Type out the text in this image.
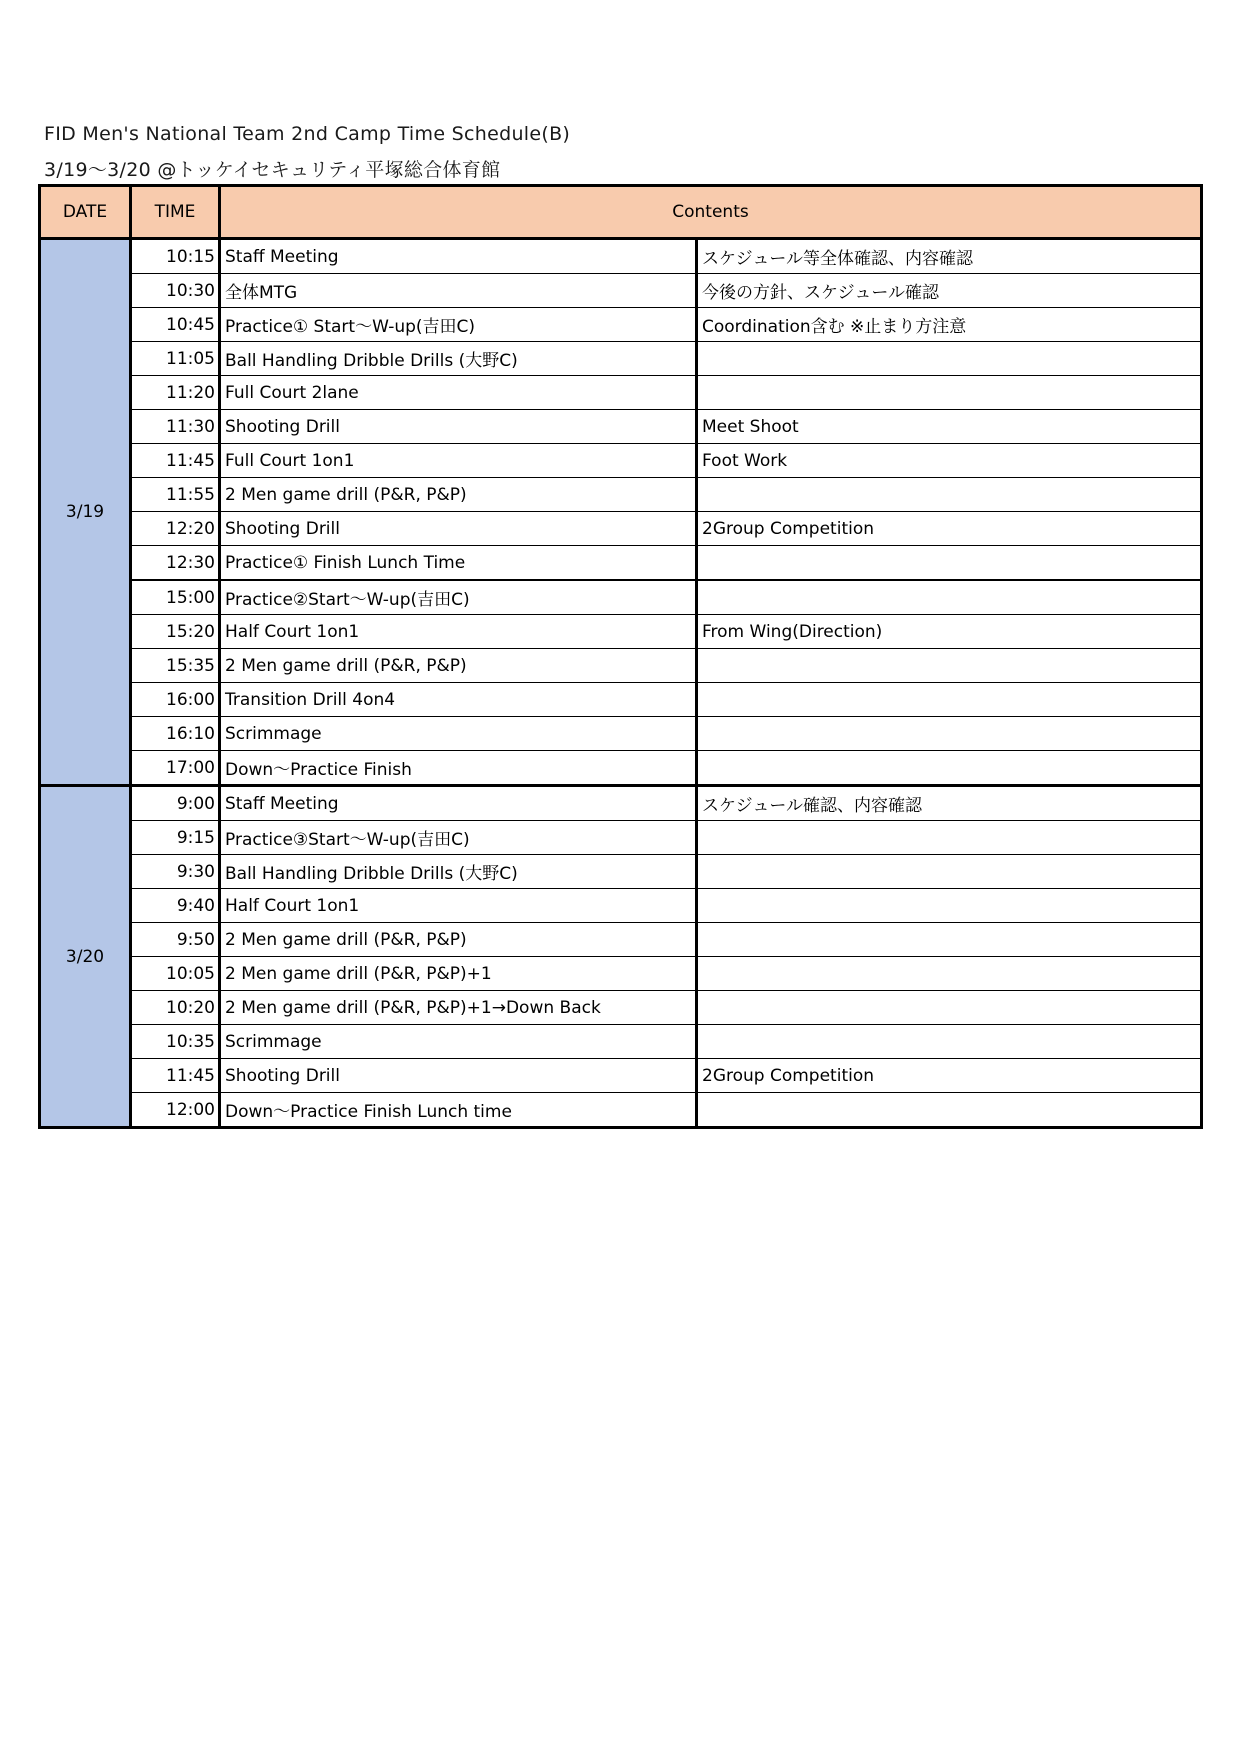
FID Men's National Team 2nd Camp Time Schedule(B)
3/19～3/20 @トッケイセキュリティ平塚総合体育館
DATE	TIME	Contents	
3/19	10:15	Staff Meeting	スケジュール等全体確認、内容確認
	10:30	全体MTG	今後の方針、スケジュール確認
	10:45	Practice① Start～W-up(吉田C)	Coordination含む ※止まり方注意
	11:05	Ball Handling Dribble Drills (大野C)	
	11:20	Full Court 2lane	
	11:30	Shooting Drill	Meet Shoot
	11:45	Full Court 1on1	Foot Work
	11:55	2 Men game drill (P&R, P&P)	
	12:20	Shooting Drill	2Group Competition
	12:30	Practice① Finish Lunch Time	
	15:00	Practice②Start～W-up(吉田C)	
	15:20	Half Court 1on1	From Wing(Direction)
	15:35	2 Men game drill (P&R, P&P)	
	16:00	Transition Drill 4on4	
	16:10	Scrimmage	
	17:00	Down～Practice Finish	
3/20	9:00	Staff Meeting	スケジュール確認、内容確認
	9:15	Practice③Start～W-up(吉田C)	
	9:30	Ball Handling Dribble Drills (大野C)	
	9:40	Half Court 1on1	
	9:50	2 Men game drill (P&R, P&P)	
	10:05	2 Men game drill (P&R, P&P)+1	
	10:20	2 Men game drill (P&R, P&P)+1→Down Back	
	10:35	Scrimmage	
	11:45	Shooting Drill	2Group Competition
	12:00	Down～Practice Finish Lunch time	
